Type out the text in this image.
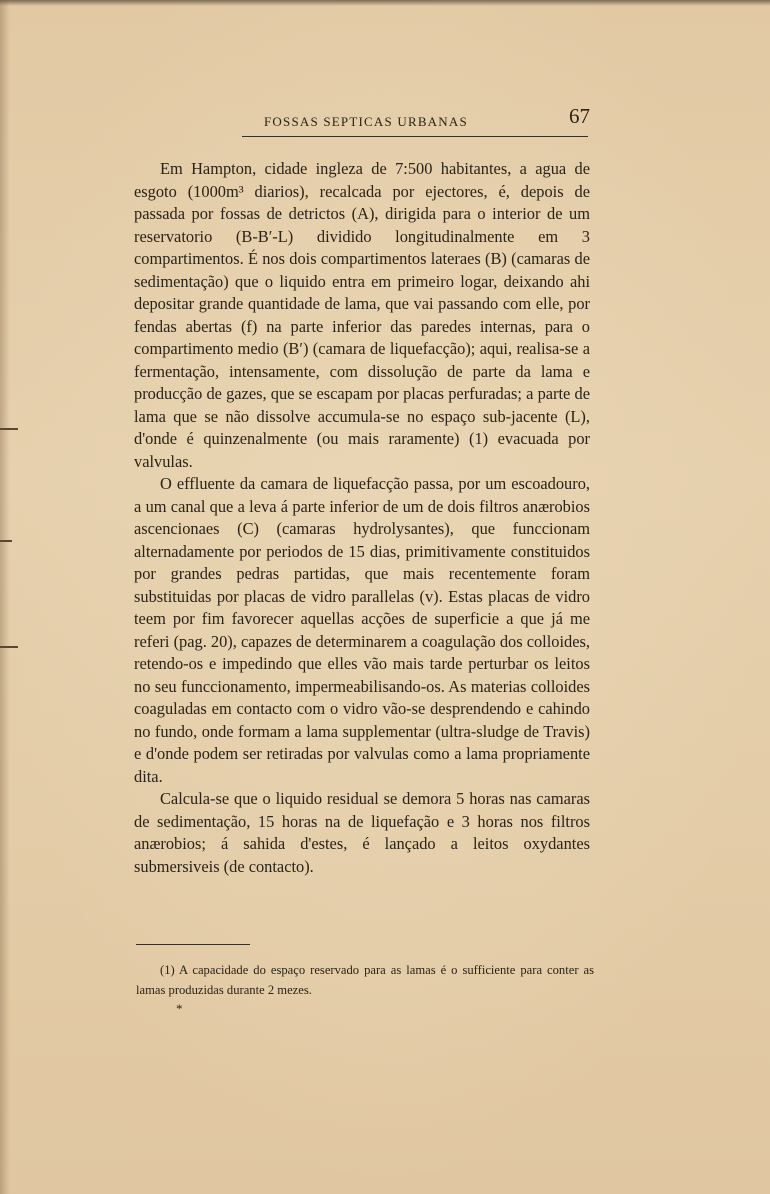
FOSSAS SEPTICAS URBANAS	67

Em Hampton, cidade ingleza de 7:500 habitantes, a agua de esgoto (1000m³ diarios), recalcada por ejectores, é, depois de passada por fossas de detrictos (A), dirigida para o interior de um reservatorio (B-B′-L) dividido longitudinalmente em 3 compartimentos. É nos dois compartimentos lateraes (B) (camaras de sedimentação) que o liquido entra em primeiro logar, deixando ahi depositar grande quantidade de lama, que vai passando com elle, por fendas abertas (f) na parte inferior das paredes internas, para o compartimento medio (B′) (camara de liquefacção); aqui, realisa-se a fermentação, intensamente, com dissolução de parte da lama e producção de gazes, que se escapam por placas perfuradas; a parte de lama que se não dissolve accumula-se no espaço sub-jacente (L), d'onde é quinzenalmente (ou mais raramente) (1) evacuada por valvulas.

O effluente da camara de liquefacção passa, por um escoadouro, a um canal que a leva á parte inferior de um de dois filtros anærobios ascencionaes (C) (camaras hydrolysantes), que funccionam alternadamente por periodos de 15 dias, primitivamente constituidos por grandes pedras partidas, que mais recentemente foram substituidas por placas de vidro parallelas (v). Estas placas de vidro teem por fim favorecer aquellas acções de superficie a que já me referi (pag. 20), capazes de determinarem a coagulação dos colloides, retendo-os e impedindo que elles vão mais tarde perturbar os leitos no seu funccionamento, impermeabilisando-os. As materias colloides coaguladas em contacto com o vidro vão-se desprendendo e cahindo no fundo, onde formam a lama supplementar (ultra-sludge de Travis) e d'onde podem ser retiradas por valvulas como a lama propriamente dita.

Calcula-se que o liquido residual se demora 5 horas nas camaras de sedimentação, 15 horas na de liquefação e 3 horas nos filtros anærobios; á sahida d'estes, é lançado a leitos oxydantes submersiveis (de contacto).

(1) A capacidade do espaço reservado para as lamas é o sufficiente para conter as lamas produzidas durante 2 mezes.
*
